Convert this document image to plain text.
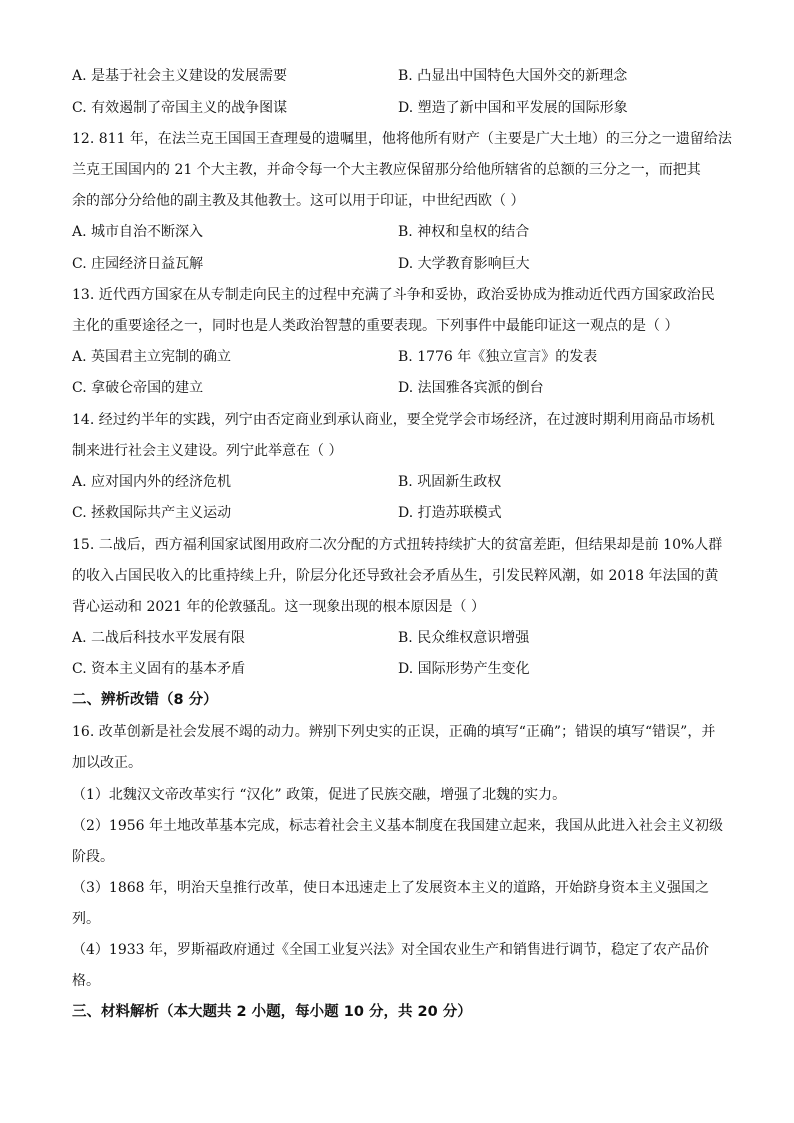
A. 是基于社会主义建设的发展需要	B. 凸显出中国特色大国外交的新理念
C. 有效遏制了帝国主义的战争图谋	D. 塑造了新中国和平发展的国际形象
12. 811 年，在法兰克王国国王查理曼的遗嘱里，他将他所有财产（主要是广大土地）的三分之一遗留给法
兰克王国国内的 21 个大主教，并命令每一个大主教应保留那分给他所辖省的总额的三分之一，而把其
余的部分分给他的副主教及其他教士。这可以用于印证，中世纪西欧（ ）
A. 城市自治不断深入	B. 神权和皇权的结合
C. 庄园经济日益瓦解	D. 大学教育影响巨大
13. 近代西方国家在从专制走向民主的过程中充满了斗争和妥协，政治妥协成为推动近代西方国家政治民
主化的重要途径之一，同时也是人类政治智慧的重要表现。下列事件中最能印证这一观点的是（ ）
A. 英国君主立宪制的确立	B. 1776 年《独立宣言》的发表
C. 拿破仑帝国的建立	D. 法国雅各宾派的倒台
14. 经过约半年的实践，列宁由否定商业到承认商业，要全党学会市场经济，在过渡时期利用商品市场机
制来进行社会主义建设。列宁此举意在（ ）
A. 应对国内外的经济危机	B. 巩固新生政权
C. 拯救国际共产主义运动	D. 打造苏联模式
15. 二战后，西方福利国家试图用政府二次分配的方式扭转持续扩大的贫富差距，但结果却是前 10%人群
的收入占国民收入的比重持续上升，阶层分化还导致社会矛盾丛生，引发民粹风潮，如 2018 年法国的黄
背心运动和 2021 年的伦敦骚乱。这一现象出现的根本原因是（ ）
A. 二战后科技水平发展有限	B. 民众维权意识增强
C. 资本主义固有的基本矛盾	D. 国际形势产生变化
二、辨析改错（8 分）
16. 改革创新是社会发展不竭的动力。辨别下列史实的正误，正确的填写“正确”；错误的填写“错误”，并
加以改正。
（1）北魏汉文帝改革实行 “汉化” 政策，促进了民族交融，增强了北魏的实力。
（2）1956 年土地改革基本完成，标志着社会主义基本制度在我国建立起来，我国从此进入社会主义初级
阶段。
（3）1868 年，明治天皇推行改革，使日本迅速走上了发展资本主义的道路，开始跻身资本主义强国之
列。
（4）1933 年，罗斯福政府通过《全国工业复兴法》对全国农业生产和销售进行调节，稳定了农产品价
格。
三、材料解析（本大题共 2 小题，每小题 10 分，共 20 分）
